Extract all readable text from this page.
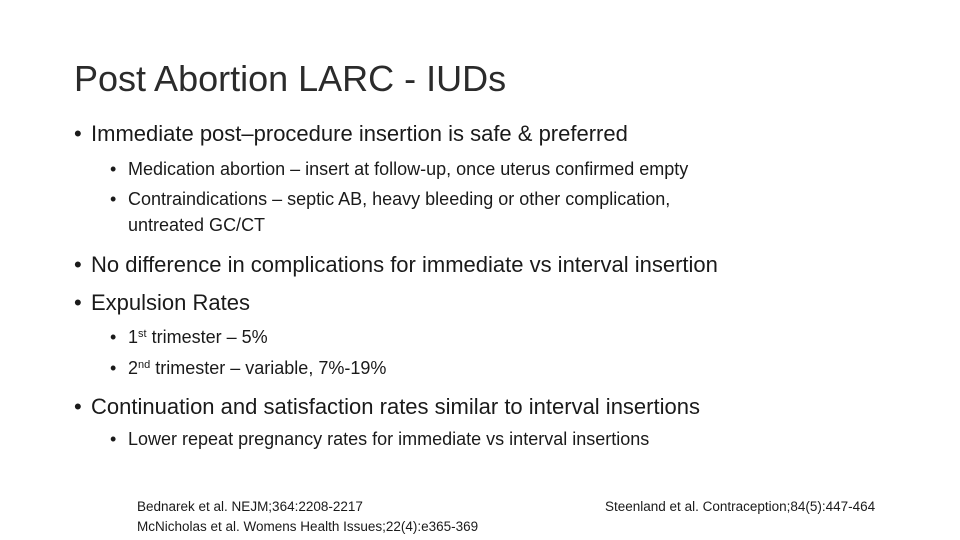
Post Abortion LARC - IUDs
• Immediate post–procedure insertion is safe & preferred
• Medication abortion – insert at follow-up, once uterus confirmed empty
• Contraindications – septic AB, heavy bleeding or other complication,
untreated GC/CT
• No difference in complications for immediate vs interval insertion
• Expulsion Rates
• 1st trimester – 5%
• 2nd trimester – variable, 7%-19%
• Continuation and satisfaction rates similar to interval insertions
• Lower repeat pregnancy rates for immediate vs interval insertions
Bednarek et al. NEJM;364:2208-2217
McNicholas et al. Womens Health Issues;22(4):e365-369
Steenland et al. Contraception;84(5):447-464
